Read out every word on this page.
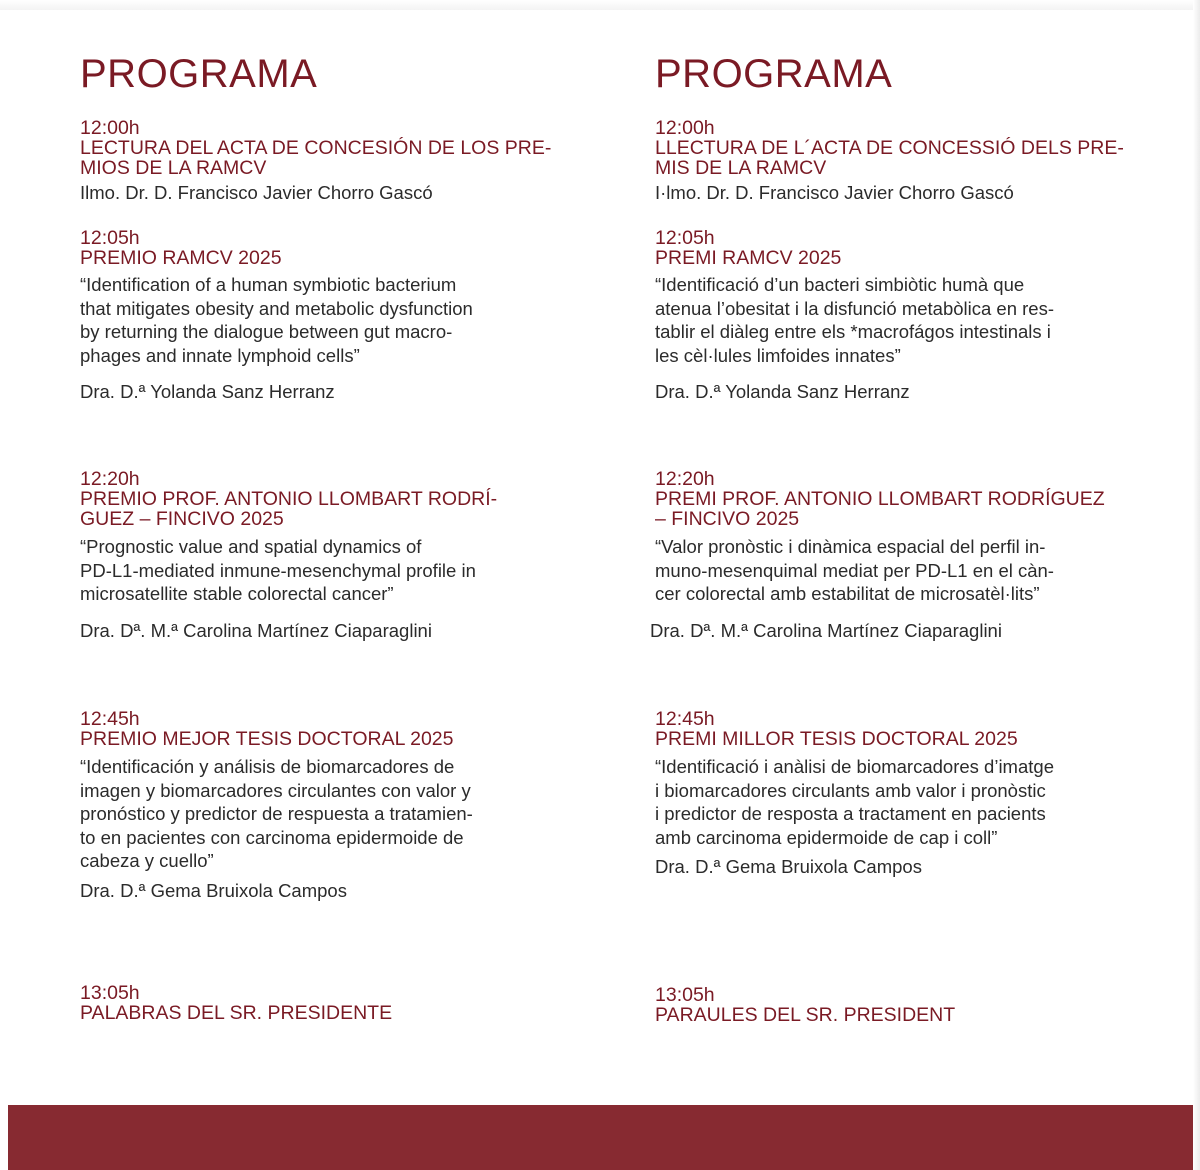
PROGRAMA
12:00h
LECTURA DEL ACTA DE CONCESIÓN DE LOS PRE-
MIOS DE LA RAMCV
Ilmo. Dr. D. Francisco Javier Chorro Gascó
12:05h
PREMIO RAMCV 2025
“Identification of a human symbiotic bacterium
that mitigates obesity and metabolic dysfunction
by returning the dialogue between gut macro-
phages and innate lymphoid cells”
Dra. D.ª Yolanda Sanz Herranz
12:20h
PREMIO PROF. ANTONIO LLOMBART RODRÍ-
GUEZ – FINCIVO 2025
“Prognostic value and spatial dynamics of
PD-L1-mediated inmune-mesenchymal profile in
microsatellite stable colorectal cancer”
Dra. Dª. M.ª Carolina Martínez Ciaparaglini
12:45h
PREMIO MEJOR TESIS DOCTORAL 2025
“Identificación y análisis de biomarcadores de
imagen y biomarcadores circulantes con valor y
pronóstico y predictor de respuesta a tratamien-
to en pacientes con carcinoma epidermoide de
cabeza y cuello”
Dra. D.ª Gema Bruixola Campos
13:05h
PALABRAS DEL SR. PRESIDENTE
PROGRAMA
12:00h
LLECTURA DE L´ACTA DE CONCESSIÓ DELS PRE-
MIS DE LA RAMCV
I·lmo. Dr. D. Francisco Javier Chorro Gascó
12:05h
PREMI RAMCV 2025
“Identificació d’un bacteri simbiòtic humà que
atenua l’obesitat i la disfunció metabòlica en res-
tablir el diàleg entre els *macrofágos intestinals i
les cèl·lules limfoides innates”
Dra. D.ª Yolanda Sanz Herranz
12:20h
PREMI PROF. ANTONIO LLOMBART RODRÍGUEZ
– FINCIVO 2025
“Valor pronòstic i dinàmica espacial del perfil in-
muno-mesenquimal mediat per PD-L1 en el càn-
cer colorectal amb estabilitat de microsatèl·lits”
Dra. Dª. M.ª Carolina Martínez Ciaparaglini
12:45h
PREMI MILLOR TESIS DOCTORAL 2025
“Identificació i anàlisi de biomarcadores d’imatge
i biomarcadores circulants amb valor i pronòstic
i predictor de resposta a tractament en pacients
amb carcinoma epidermoide de cap i coll”
Dra. D.ª Gema Bruixola Campos
13:05h
PARAULES DEL SR. PRESIDENT
